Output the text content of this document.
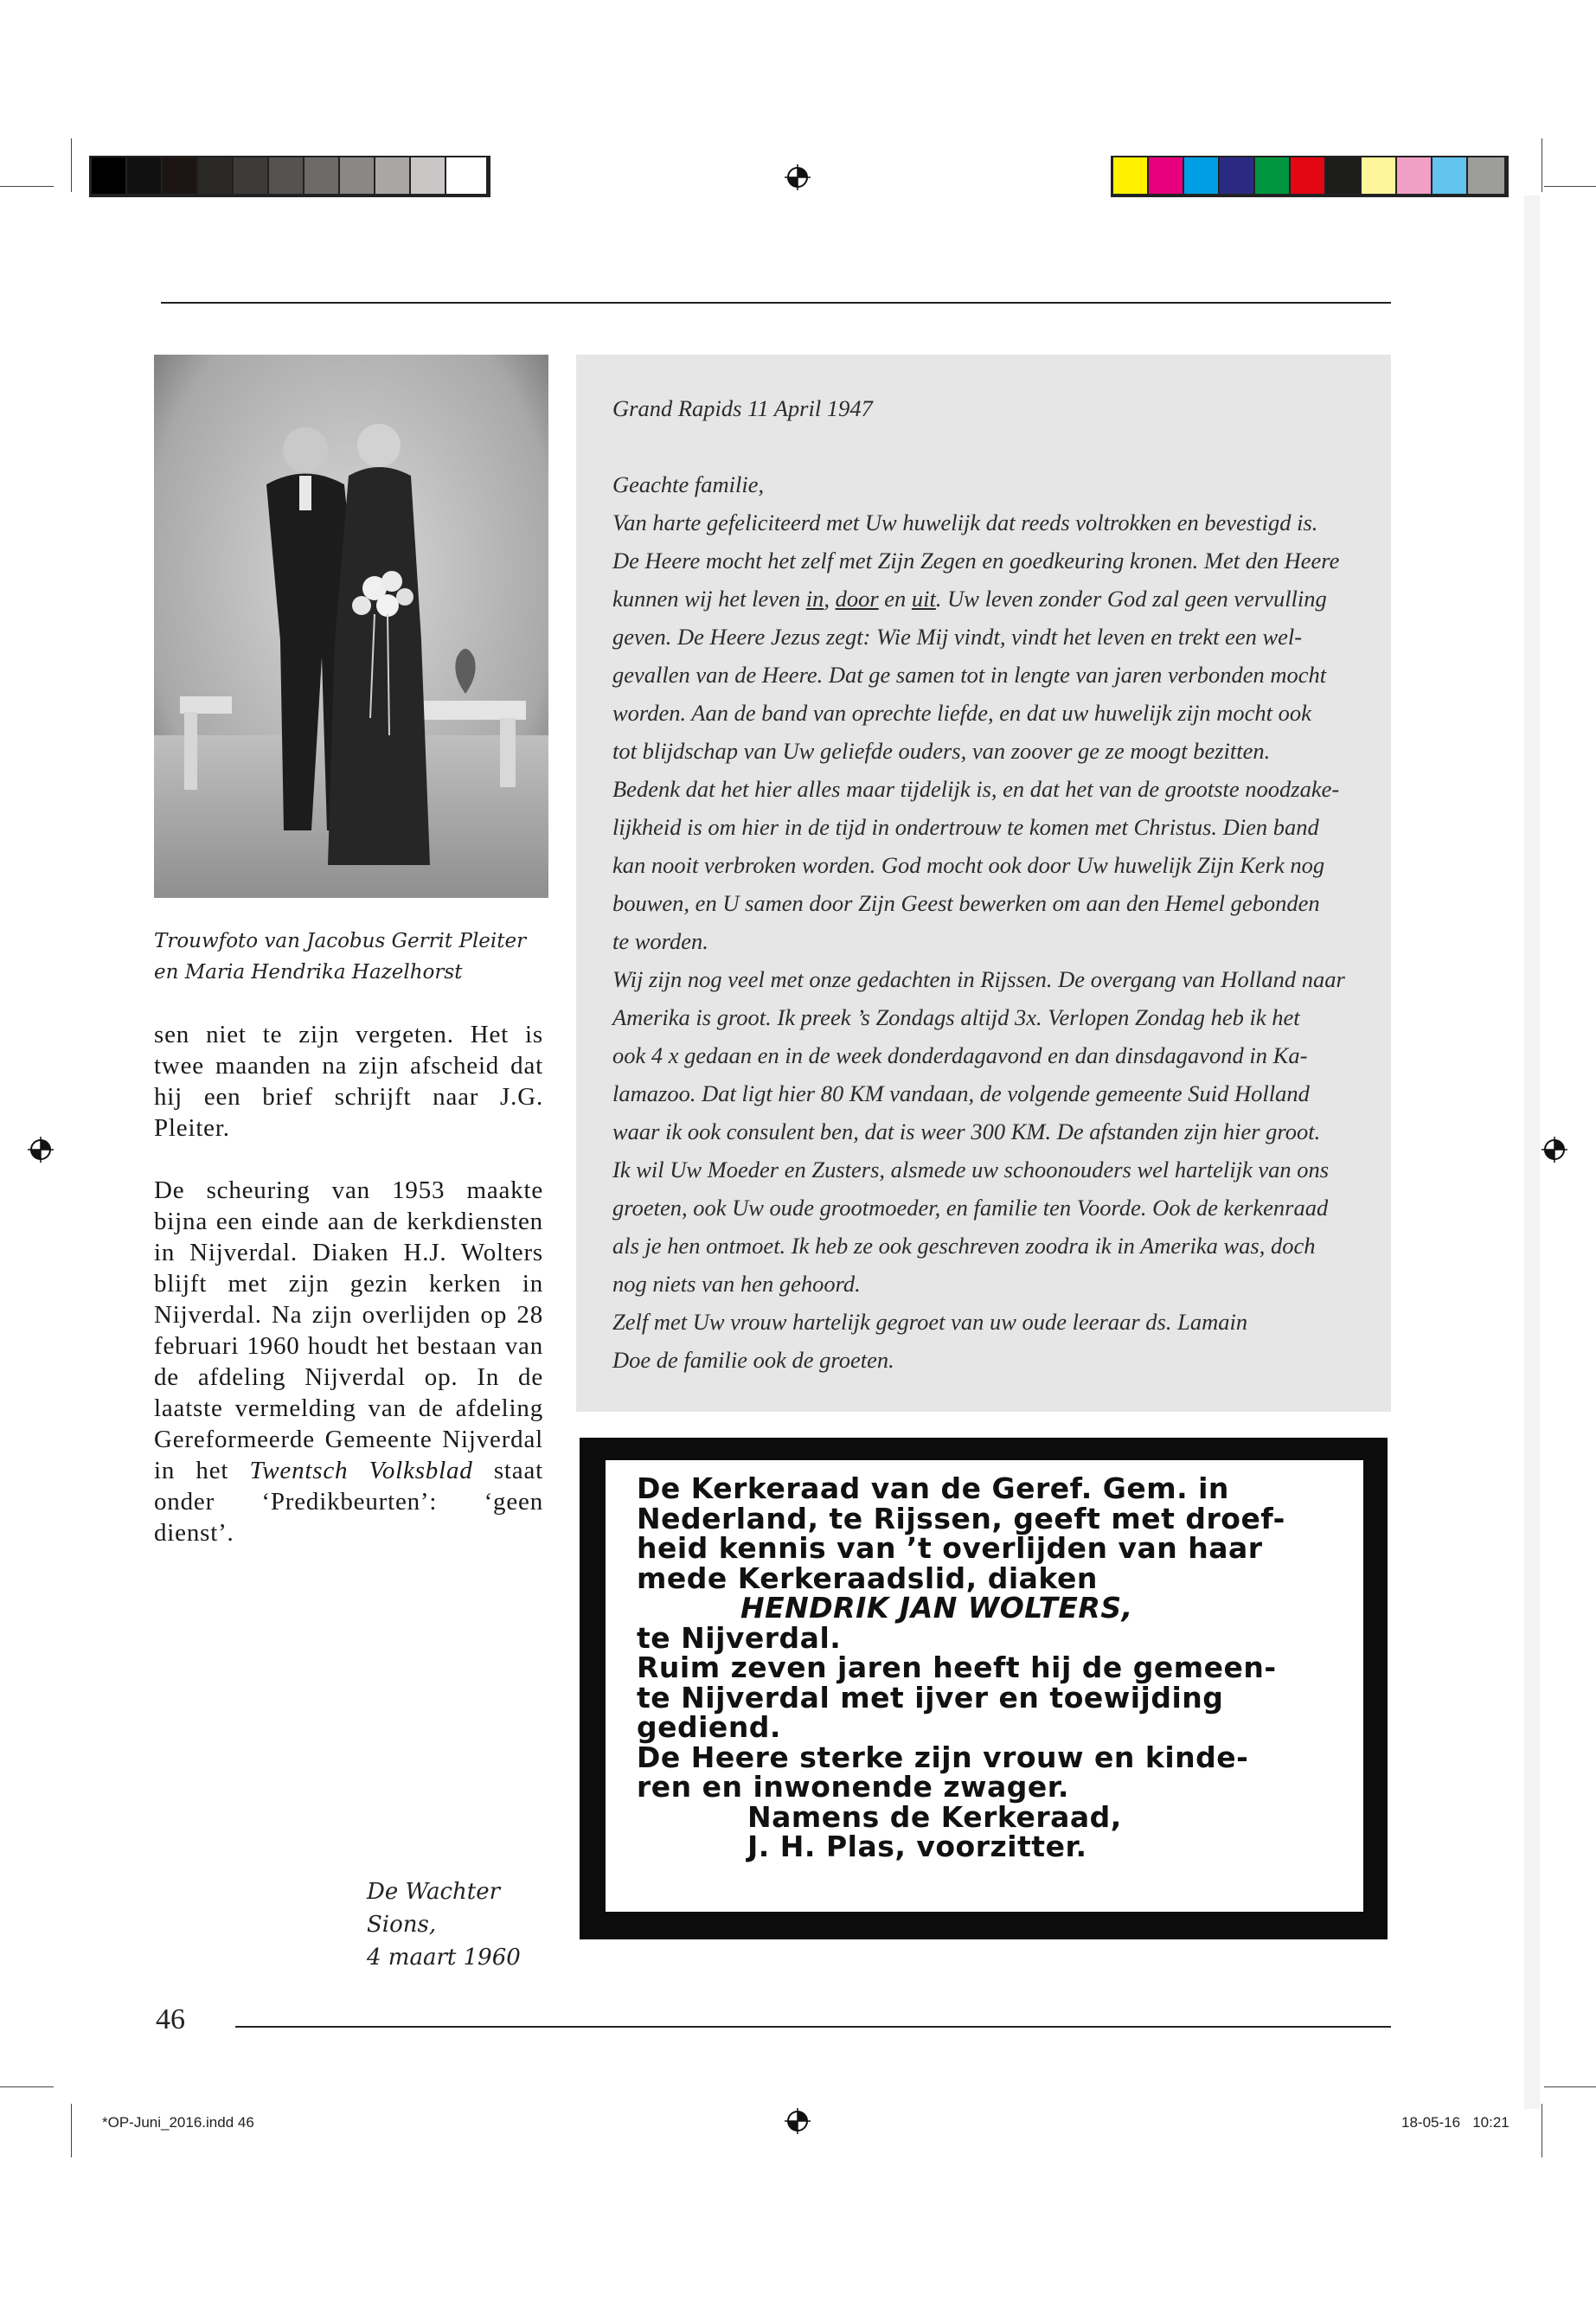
Trouwfoto van Jacobus Gerrit Pleiter en Maria Hendrika Hazelhorst

sen niet te zijn vergeten. Het is twee maanden na zijn afscheid dat hij een brief schrijft naar J.G. Pleiter.

De scheuring van 1953 maakte bijna een einde aan de kerkdiensten in Nijverdal. Diaken H.J. Wolters blijft met zijn gezin kerken in Nijverdal. Na zijn overlijden op 28 februari 1960 houdt het bestaan van de afdeling Nijverdal op. In de laatste vermelding van de afdeling Gereformeerde Gemeente Nijverdal in het Twentsch Volksblad staat onder ‘Predikbeurten’: ‘geen dienst’.

De Wachter Sions,
4 maart 1960
Grand Rapids 11 April 1947
Geachte familie,
Van harte gefeliciteerd met Uw huwelijk dat reeds voltrokken en bevestigd is.
De Heere mocht het zelf met Zijn Zegen en goedkeuring kronen. Met den Heere
kunnen wij het leven in, door en uit. Uw leven zonder God zal geen vervulling
geven. De Heere Jezus zegt: Wie Mij vindt, vindt het leven en trekt een wel-
gevallen van de Heere. Dat ge samen tot in lengte van jaren verbonden mocht
worden. Aan de band van oprechte liefde, en dat uw huwelijk zijn mocht ook
tot blijdschap van Uw geliefde ouders, van zoover ge ze moogt bezitten.
Bedenk dat het hier alles maar tijdelijk is, en dat het van de grootste noodzake-
lijkheid is om hier in de tijd in ondertrouw te komen met Christus. Dien band
kan nooit verbroken worden. God mocht ook door Uw huwelijk Zijn Kerk nog
bouwen, en U samen door Zijn Geest bewerken om aan den Hemel gebonden
te worden.
Wij zijn nog veel met onze gedachten in Rijssen. De overgang van Holland naar
Amerika is groot. Ik preek ’s Zondags altijd 3x. Verlopen Zondag heb ik het
ook 4 x gedaan en in de week donderdagavond en dan dinsdagavond in Ka-
lamazoo. Dat ligt hier 80 KM vandaan, de volgende gemeente Suid Holland
waar ik ook consulent ben, dat is weer 300 KM. De afstanden zijn hier groot.
Ik wil Uw Moeder en Zusters, alsmede uw schoonouders wel hartelijk van ons
groeten, ook Uw oude grootmoeder, en familie ten Voorde. Ook de kerkenraad
als je hen ontmoet. Ik heb ze ook geschreven zoodra ik in Amerika was, doch
nog niets van hen gehoord.
Zelf met Uw vrouw hartelijk gegroet van uw oude leeraar ds. Lamain
Doe de familie ook de groeten.
De Kerkeraad van de Geref. Gem. in
Nederland, te Rijssen, geeft met droef-
heid kennis van ’t overlijden van haar
mede Kerkeraadslid, diaken
HENDRIK JAN WOLTERS,
te Nijverdal.
Ruim zeven jaren heeft hij de gemeen-
te Nijverdal met ijver en toewijding
gediend.
De Heere sterke zijn vrouw en kinde-
ren en inwonende zwager.
Namens de Kerkeraad,
J. H. Plas, voorzitter.
46
*OP-Juni_2016.indd 46	18-05-16   10:21
